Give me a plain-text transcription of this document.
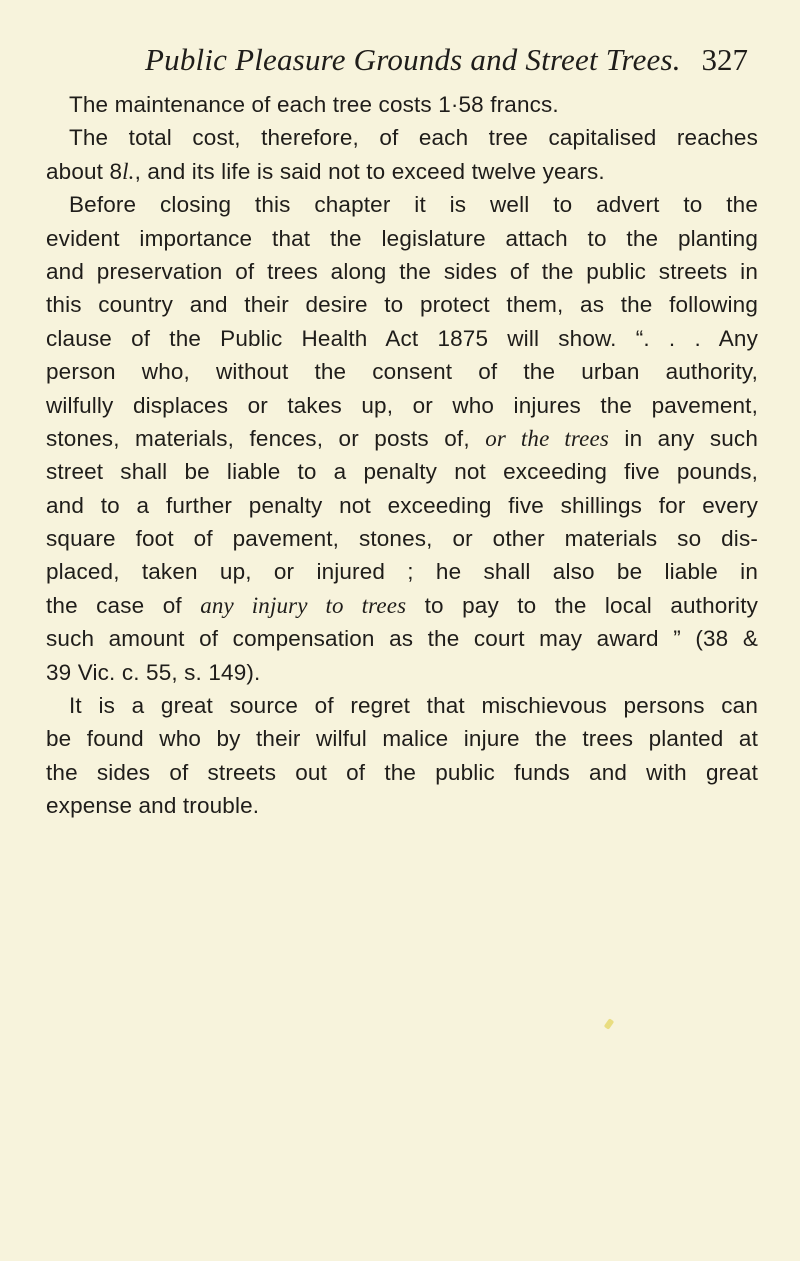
Public Pleasure Grounds and Street Trees. 327
The maintenance of each tree costs 1·58 francs.
The total cost, therefore, of each tree capitalised reaches
about 8l., and its life is said not to exceed twelve years.
Before closing this chapter it is well to advert to the
evident importance that the legislature attach to the planting
and preservation of trees along the sides of the public streets in
this country and their desire to protect them, as the following
clause of the Public Health Act 1875 will show. “. . . Any
person who, without the consent of the urban authority,
wilfully displaces or takes up, or who injures the pavement,
stones, materials, fences, or posts of, or the trees in any such
street shall be liable to a penalty not exceeding five pounds,
and to a further penalty not exceeding five shillings for every
square foot of pavement, stones, or other materials so dis-
placed, taken up, or injured ; he shall also be liable in
the case of any injury to trees to pay to the local authority
such amount of compensation as the court may award ” (38 &
39 Vic. c. 55, s. 149).
It is a great source of regret that mischievous persons can
be found who by their wilful malice injure the trees planted at
the sides of streets out of the public funds and with great
expense and trouble.
